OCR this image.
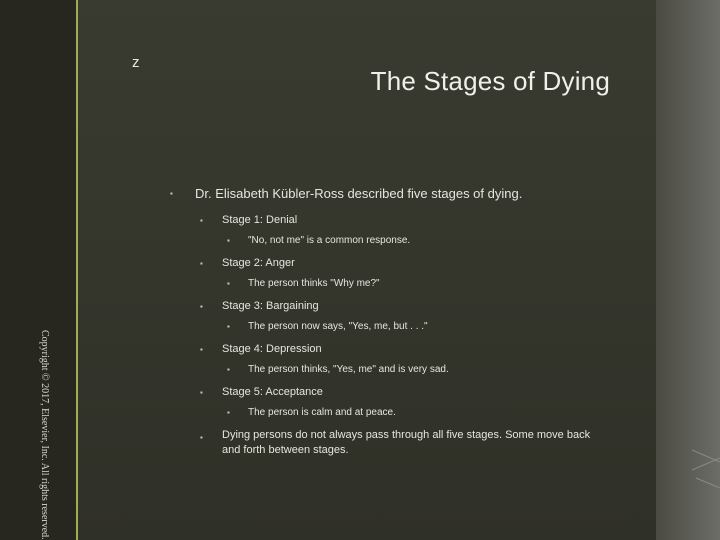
Copyright © 2017, Elsevier, Inc. All rights reserved.
z
The Stages of Dying
▪ Dr. Elisabeth Kübler-Ross described five stages of dying.
▪ Stage 1: Denial
▪ "No, not me" is a common response.
▪ Stage 2: Anger
▪ The person thinks "Why me?"
▪ Stage 3: Bargaining
▪ The person now says, "Yes, me, but . . ."
▪ Stage 4: Depression
▪ The person thinks, "Yes, me" and is very sad.
▪ Stage 5: Acceptance
▪ The person is calm and at peace.
▪ Dying persons do not always pass through all five stages. Some move back and forth between stages.
